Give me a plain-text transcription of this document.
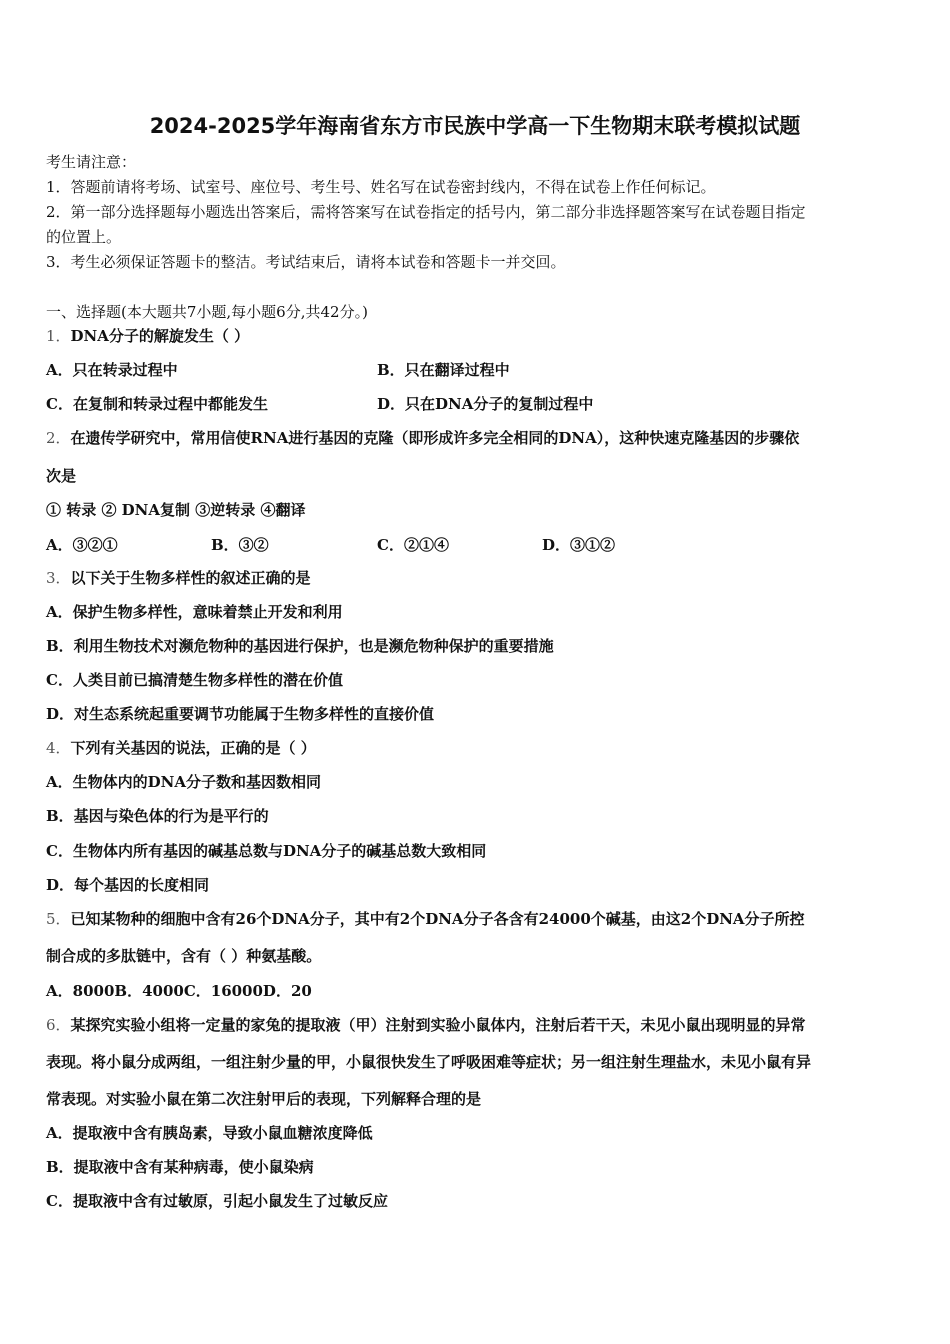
2024-2025学年海南省东方市民族中学高一下生物期末联考模拟试题
考生请注意：
1．答题前请将考场、试室号、座位号、考生号、姓名写在试卷密封线内，不得在试卷上作任何标记。
2．第一部分选择题每小题选出答案后，需将答案写在试卷指定的括号内，第二部分非选择题答案写在试卷题目指定
的位置上。
3．考生必须保证答题卡的整洁。考试结束后，请将本试卷和答题卡一并交回。
一、选择题(本大题共7小题,每小题6分,共42分。)
1．DNA分子的解旋发生（ ）
A．只在转录过程中	B．只在翻译过程中
C．在复制和转录过程中都能发生	D．只在DNA分子的复制过程中
2．在遗传学研究中，常用信使RNA进行基因的克隆（即形成许多完全相同的DNA），这种快速克隆基因的步骤依
次是
① 转录 ② DNA复制 ③逆转录 ④翻译
A．③②①	B．③②	C．②①④	D．③①②
3．以下关于生物多样性的叙述正确的是
A．保护生物多样性，意味着禁止开发和利用
B．利用生物技术对濒危物种的基因进行保护，也是濒危物种保护的重要措施
C．人类目前已搞清楚生物多样性的潜在价值
D．对生态系统起重要调节功能属于生物多样性的直接价值
4．下列有关基因的说法，正确的是（ ）
A．生物体内的DNA分子数和基因数相同
B．基因与染色体的行为是平行的
C．生物体内所有基因的碱基总数与DNA分子的碱基总数大致相同
D．每个基因的长度相同
5．已知某物种的细胞中含有26个DNA分子，其中有2个DNA分子各含有24000个碱基，由这2个DNA分子所控
制合成的多肽链中，含有（ ）种氨基酸。
A．8000B．4000C．16000D．20
6．某探究实验小组将一定量的家兔的提取液（甲）注射到实验小鼠体内，注射后若干天，未见小鼠出现明显的异常
表现。将小鼠分成两组，一组注射少量的甲，小鼠很快发生了呼吸困难等症状；另一组注射生理盐水，未见小鼠有异
常表现。对实验小鼠在第二次注射甲后的表现，下列解释合理的是
A．提取液中含有胰岛素，导致小鼠血糖浓度降低
B．提取液中含有某种病毒，使小鼠染病
C．提取液中含有过敏原，引起小鼠发生了过敏反应
